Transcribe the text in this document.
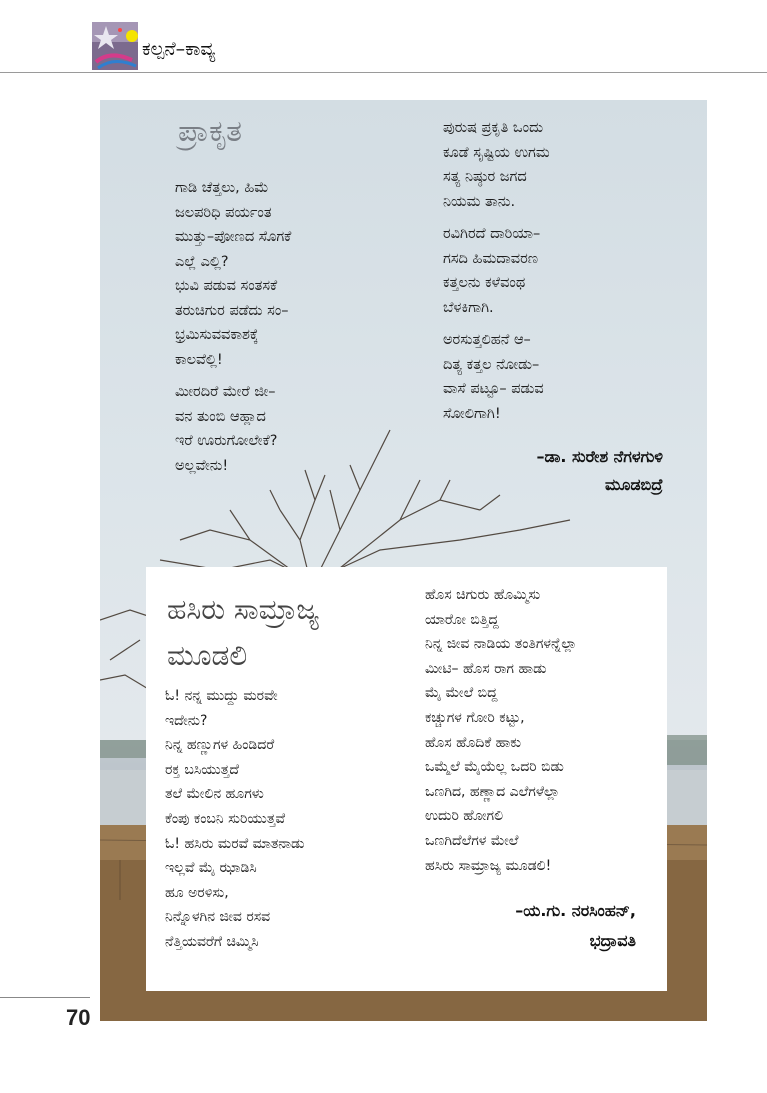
ಕಲ್ಪನೆ–ಕಾವ್ಯ
ಪ್ರಾಕೃತ
ಗಾಡಿ ಚೆತ್ತಲು, ಹಿಮೆ
ಜಲಪರಿಧಿ ಪರ್ಯಂತ
ಮುತ್ತು–ಪೋಣದ ಸೊಗಕೆ
ಎಲ್ಲೆ ಎಲ್ಲಿ?
ಭುವಿ ಪಡುವ ಸಂತಸಕೆ
ತರುಚಿಗುರ ಪಡೆದು ಸಂ–
ಭ್ರಮಿಸುವವಕಾಶಕ್ಕೆ
ಕಾಲವೆಲ್ಲಿ!
ಮೀರದಿರೆ ಮೇರೆ ಜೀ–
ವನ ತುಂಬಿ ಆಹ್ಲಾದ
ಇರೆ ಊರುಗೋಲೇಕೆ?
ಅಲ್ಲವೇನು!
ಪುರುಷ ಪ್ರಕೃತಿ ಒಂದು
ಕೂಡೆ ಸೃಷ್ಟಿಯ ಉಗಮ
ಸತ್ಯ ನಿಷ್ಠುರ ಜಗದ
ನಿಯಮ ತಾನು.
ರವಿಗಿರದೆ ದಾರಿಯಾ–
ಗಸದಿ ಹಿಮದಾವರಣ
ಕತ್ತಲನು ಕಳೆವಂಥ
ಬೆಳಕಿಗಾಗಿ.
ಅರಸುತ್ತಲಿಹನೆ ಆ–
ದಿತ್ಯ ಕತ್ತಲ ನೋಡು–
ವಾಸೆ ಪಟ್ಟೂ– ಪಡುವ
ಸೋಲಿಗಾಗಿ!
–ಡಾ. ಸುರೇಶ ನೆಗಳಗುಳಿ
ಮೂಡಬಿದ್ರೆ
ಹಸಿರು ಸಾಮ್ರಾಜ್ಯ
ಮೂಡಲಿ
ಓ! ನನ್ನ ಮುದ್ದು ಮರವೇ
ಇದೇನು?
ನಿನ್ನ ಹಣ್ಣುಗಳ ಹಿಂಡಿದರೆ
ರಕ್ತ ಬಸಿಯುತ್ತದೆ
ತಲೆ ಮೇಲಿನ ಹೂಗಳು
ಕೆಂಪು ಕಂಬನಿ ಸುರಿಯುತ್ತವೆ
ಓ! ಹಸಿರು ಮರವೆ ಮಾತನಾಡು
ಇಲ್ಲವೆ ಮೈ ಝಾಡಿಸಿ
ಹೂ ಅರಳಿಸು,
ನಿನ್ನೊಳಗಿನ ಜೀವ ರಸವ
ನೆತ್ತಿಯವರೆಗೆ ಚಿಮ್ಮಿಸಿ
ಹೊಸ ಚಿಗುರು ಹೊಮ್ಮಿಸು
ಯಾರೋ ಬಿತ್ತಿದ್ದ
ನಿನ್ನ ಜೀವ ನಾಡಿಯ ತಂತಿಗಳನ್ನೆಲ್ಲಾ
ಮೀಟಿ– ಹೊಸ ರಾಗ ಹಾಡು
ಮೈ ಮೇಲೆ ಬಿದ್ದ
ಕಚ್ಚುಗಳ ಗೋರಿ ಕಟ್ಟು,
ಹೊಸ ಹೊದಿಕೆ ಹಾಕು
ಒಮ್ಮೆಲೆ ಮೈಯೆಲ್ಲ ಒದರಿ ಬಿಡು
ಒಣಗಿದ, ಹಣ್ಣಾದ ಎಲೆಗಳೆಲ್ಲಾ
ಉದುರಿ ಹೋಗಲಿ
ಒಣಗಿದೆಲೆಗಳ ಮೇಲೆ
ಹಸಿರು ಸಾಮ್ರಾಜ್ಯ ಮೂಡಲಿ!
–ಯ.ಗು. ನರಸಿಂಹನ್,
ಭದ್ರಾವತಿ
70
